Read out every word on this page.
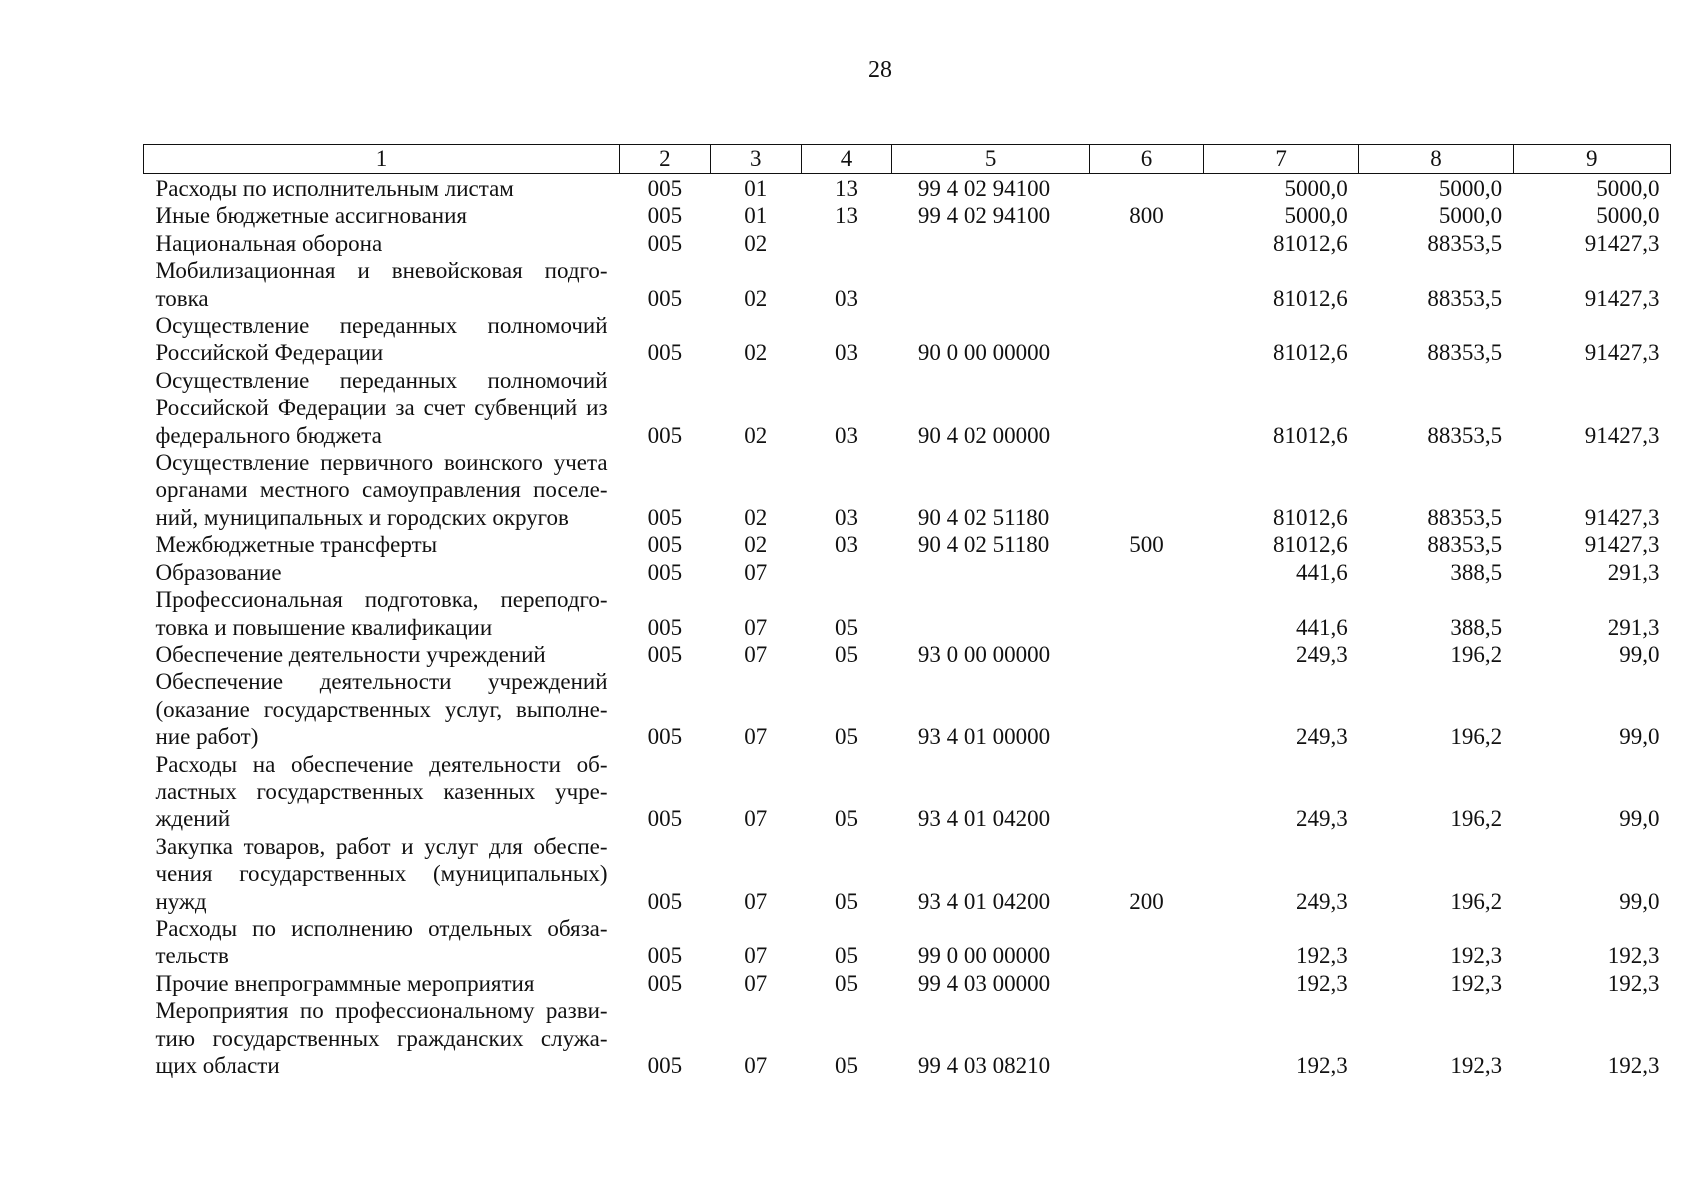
28
1	2	3	4	5	6	7	8	9
Расходы по исполнительным листам	005	01	13	99 4 02 94100		5000,0	5000,0	5000,0
Иные бюджетные ассигнования	005	01	13	99 4 02 94100	800	5000,0	5000,0	5000,0
Национальная оборона	005	02				81012,6	88353,5	91427,3
Мобилизационная и вневойсковая подго-товка	005	02	03			81012,6	88353,5	91427,3
Осуществление переданных полномочий Российской Федерации	005	02	03	90 0 00 00000		81012,6	88353,5	91427,3
Осуществление переданных полномочий Российской Федерации за счет субвенций из федерального бюджета	005	02	03	90 4 02 00000		81012,6	88353,5	91427,3
Осуществление первичного воинского учета органами местного самоуправления поселе-ний, муниципальных и городских округов	005	02	03	90 4 02 51180		81012,6	88353,5	91427,3
Межбюджетные трансферты	005	02	03	90 4 02 51180	500	81012,6	88353,5	91427,3
Образование	005	07				441,6	388,5	291,3
Профессиональная подготовка, переподго-товка и повышение квалификации	005	07	05			441,6	388,5	291,3
Обеспечение деятельности учреждений	005	07	05	93 0 00 00000		249,3	196,2	99,0
Обеспечение деятельности учреждений (оказание государственных услуг, выполне-ние работ)	005	07	05	93 4 01 00000		249,3	196,2	99,0
Расходы на обеспечение деятельности об-ластных государственных казенных учре-ждений	005	07	05	93 4 01 04200		249,3	196,2	99,0
Закупка товаров, работ и услуг для обеспе-чения государственных (муниципальных) нужд	005	07	05	93 4 01 04200	200	249,3	196,2	99,0
Расходы по исполнению отдельных обяза-тельств	005	07	05	99 0 00 00000		192,3	192,3	192,3
Прочие внепрограммные мероприятия	005	07	05	99 4 03 00000		192,3	192,3	192,3
Мероприятия по профессиональному разви-тию государственных гражданских служа-щих области	005	07	05	99 4 03 08210		192,3	192,3	192,3
